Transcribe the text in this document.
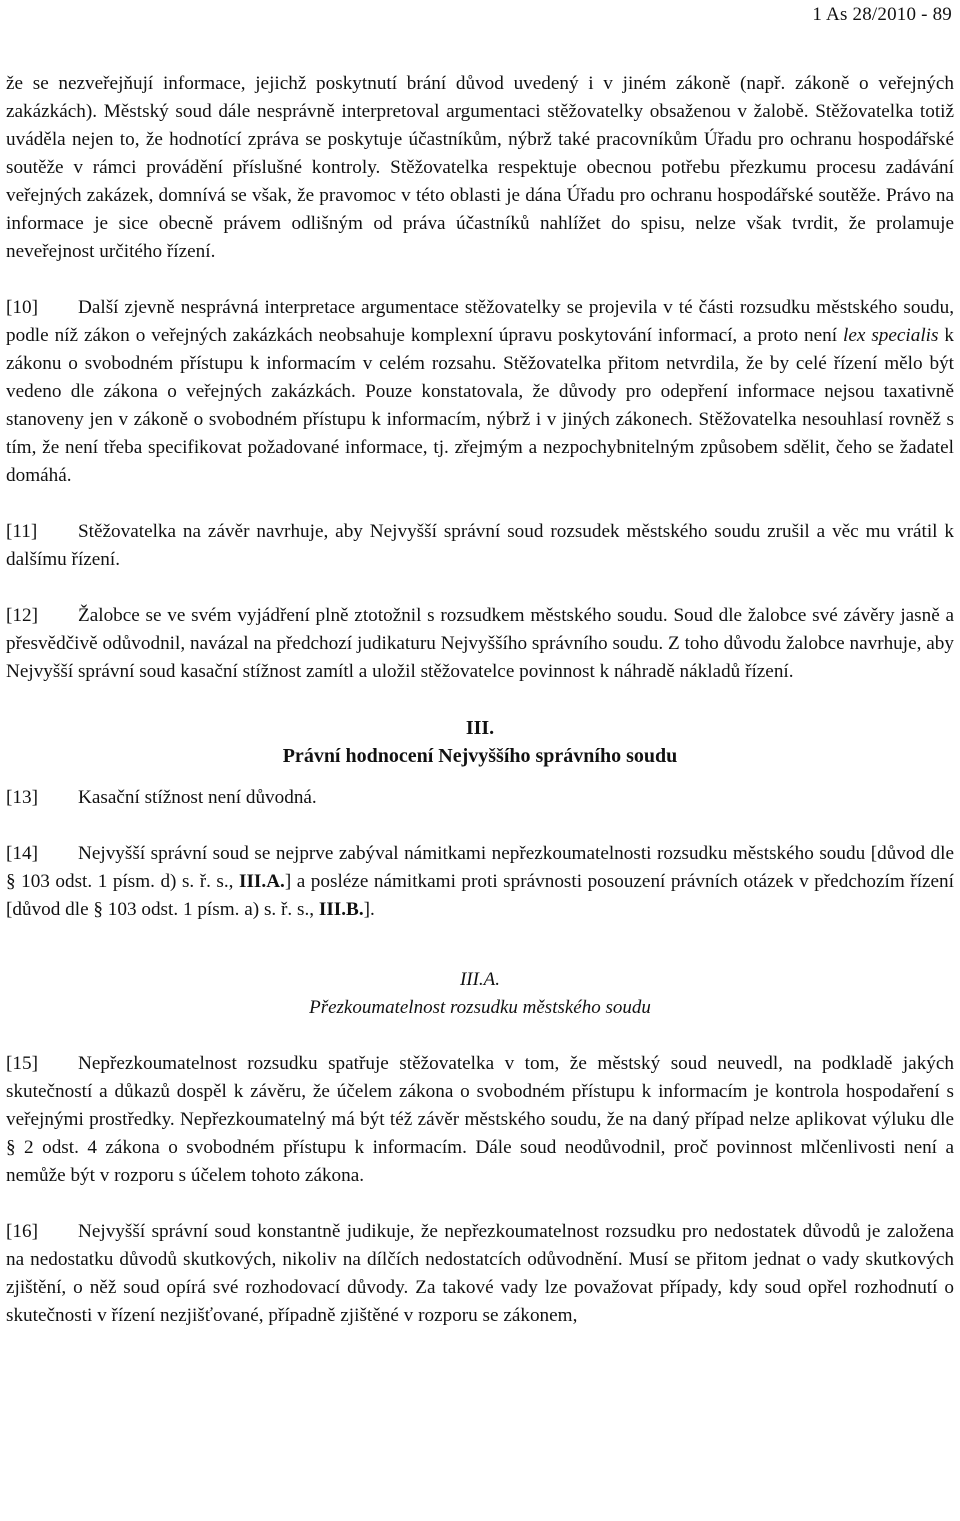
1 As 28/2010 - 89

že se nezveřejňují informace, jejichž poskytnutí brání důvod uvedený i v jiném zákoně (např. zákoně o veřejných zakázkách). Městský soud dále nesprávně interpretoval argumentaci stěžovatelky obsaženou v žalobě. Stěžovatelka totiž uváděla nejen to, že hodnotící zpráva se poskytuje účastníkům, nýbrž také pracovníkům Úřadu pro ochranu hospodářské soutěže v rámci provádění příslušné kontroly. Stěžovatelka respektuje obecnou potřebu přezkumu procesu zadávání veřejných zakázek, domnívá se však, že pravomoc v této oblasti je dána Úřadu pro ochranu hospodářské soutěže. Právo na informace je sice obecně právem odlišným od práva účastníků nahlížet do spisu, nelze však tvrdit, že prolamuje neveřejnost určitého řízení.

[10] Další zjevně nesprávná interpretace argumentace stěžovatelky se projevila v té části rozsudku městského soudu, podle níž zákon o veřejných zakázkách neobsahuje komplexní úpravu poskytování informací, a proto není lex specialis k zákonu o svobodném přístupu k informacím v celém rozsahu. Stěžovatelka přitom netvrdila, že by celé řízení mělo být vedeno dle zákona o veřejných zakázkách. Pouze konstatovala, že důvody pro odepření informace nejsou taxativně stanoveny jen v zákoně o svobodném přístupu k informacím, nýbrž i v jiných zákonech. Stěžovatelka nesouhlasí rovněž s tím, že není třeba specifikovat požadované informace, tj. zřejmým a nezpochybnitelným způsobem sdělit, čeho se žadatel domáhá.

[11] Stěžovatelka na závěr navrhuje, aby Nejvyšší správní soud rozsudek městského soudu zrušil a věc mu vrátil k dalšímu řízení.

[12] Žalobce se ve svém vyjádření plně ztotožnil s rozsudkem městského soudu. Soud dle žalobce své závěry jasně a přesvědčivě odůvodnil, navázal na předchozí judikaturu Nejvyššího správního soudu. Z toho důvodu žalobce navrhuje, aby Nejvyšší správní soud kasační stížnost zamítl a uložil stěžovatelce povinnost k náhradě nákladů řízení.

III.

Právní hodnocení Nejvyššího správního soudu

[13] Kasační stížnost není důvodná.

[14] Nejvyšší správní soud se nejprve zabýval námitkami nepřezkoumatelnosti rozsudku městského soudu [důvod dle § 103 odst. 1 písm. d) s. ř. s., III.A.] a posléze námitkami proti správnosti posouzení právních otázek v předchozím řízení [důvod dle § 103 odst. 1 písm. a) s. ř. s., III.B.].

III.A.

Přezkoumatelnost rozsudku městského soudu

[15] Nepřezkoumatelnost rozsudku spatřuje stěžovatelka v tom, že městský soud neuvedl, na podkladě jakých skutečností a důkazů dospěl k závěru, že účelem zákona o svobodném přístupu k informacím je kontrola hospodaření s veřejnými prostředky. Nepřezkoumatelný má být též závěr městského soudu, že na daný případ nelze aplikovat výluku dle § 2 odst. 4 zákona o svobodném přístupu k informacím. Dále soud neodůvodnil, proč povinnost mlčenlivosti není a nemůže být v rozporu s účelem tohoto zákona.

[16] Nejvyšší správní soud konstantně judikuje, že nepřezkoumatelnost rozsudku pro nedostatek důvodů je založena na nedostatku důvodů skutkových, nikoliv na dílčích nedostatcích odůvodnění. Musí se přitom jednat o vady skutkových zjištění, o něž soud opírá své rozhodovací důvody. Za takové vady lze považovat případy, kdy soud opřel rozhodnutí o skutečnosti v řízení nezjišťované, případně zjištěné v rozporu se zákonem,
